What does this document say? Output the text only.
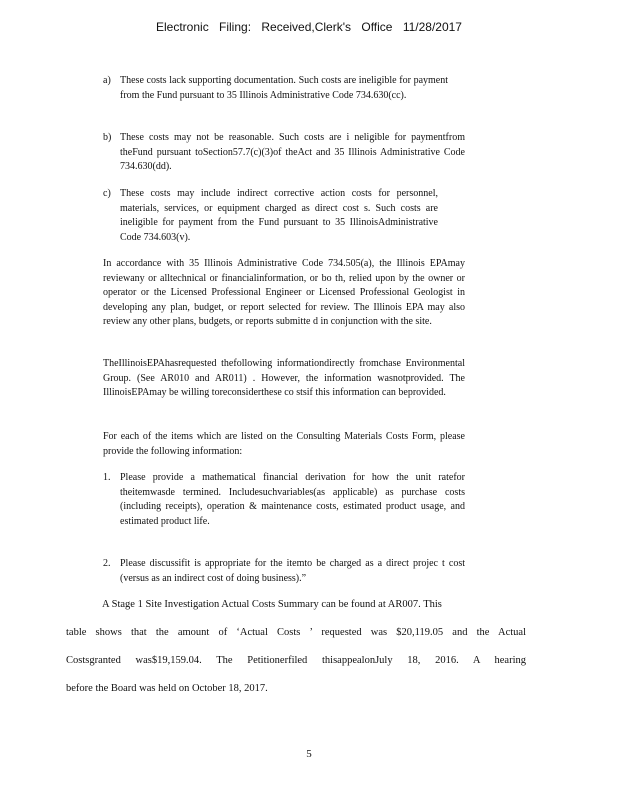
Electronic Filing: Received,Clerk's Office 11/28/2017
a) These costs lack supporting documentation. Such costs are ineligible for payment from the Fund pursuant to 35 Illinois Administrative Code 734.630(cc).
b) These costs may not be reasonable. Such costs are i neligible for paymentfrom theFund pursuant toSection57.7(c)(3)of theAct and 35 Illinois Administrative Code 734.630(dd).
c) These costs may include indirect corrective action costs for personnel, materials, services, or equipment charged as direct cost s. Such costs are ineligible for payment from the Fund pursuant to 35 IllinoisAdministrative Code 734.603(v).
In accordance with 35 Illinois Administrative Code 734.505(a), the Illinois EPAmay reviewany or alltechnical or financialinformation, or bo th, relied upon by the owner or operator or the Licensed Professional Engineer or Licensed Professional Geologist in developing any plan, budget, or report selected for review. The Illinois EPA may also review any other plans, budgets, or reports submitte d in conjunction with the site.
TheIllinoisEPAhasrequested thefollowing informationdirectly fromchase Environmental Group. (See AR010 and AR011) . However, the information wasnotprovided. The IllinoisEPAmay be willing toreconsiderthese co stsif this information can beprovided.
For each of the items which are listed on the Consulting Materials Costs Form, please provide the following information:
1. Please provide a mathematical financial derivation for how the unit ratefor theitemwasde termined. Includesuchvariables(as applicable) as purchase costs (including receipts), operation & maintenance costs, estimated product usage, and estimated product life.
2. Please discussifit is appropriate for the itemto be charged as a direct projec t cost (versus as an indirect cost of doing business).”
A Stage 1 Site Investigation Actual Costs Summary can be found at AR007. This
table shows that the amount of ‘Actual Costs ’ requested was $20,119.05 and the Actual
Costsgranted was$19,159.04. The Petitionerfiled thisappealonJuly 18, 2016. A hearing
before the Board was held on October 18, 2017.
5
